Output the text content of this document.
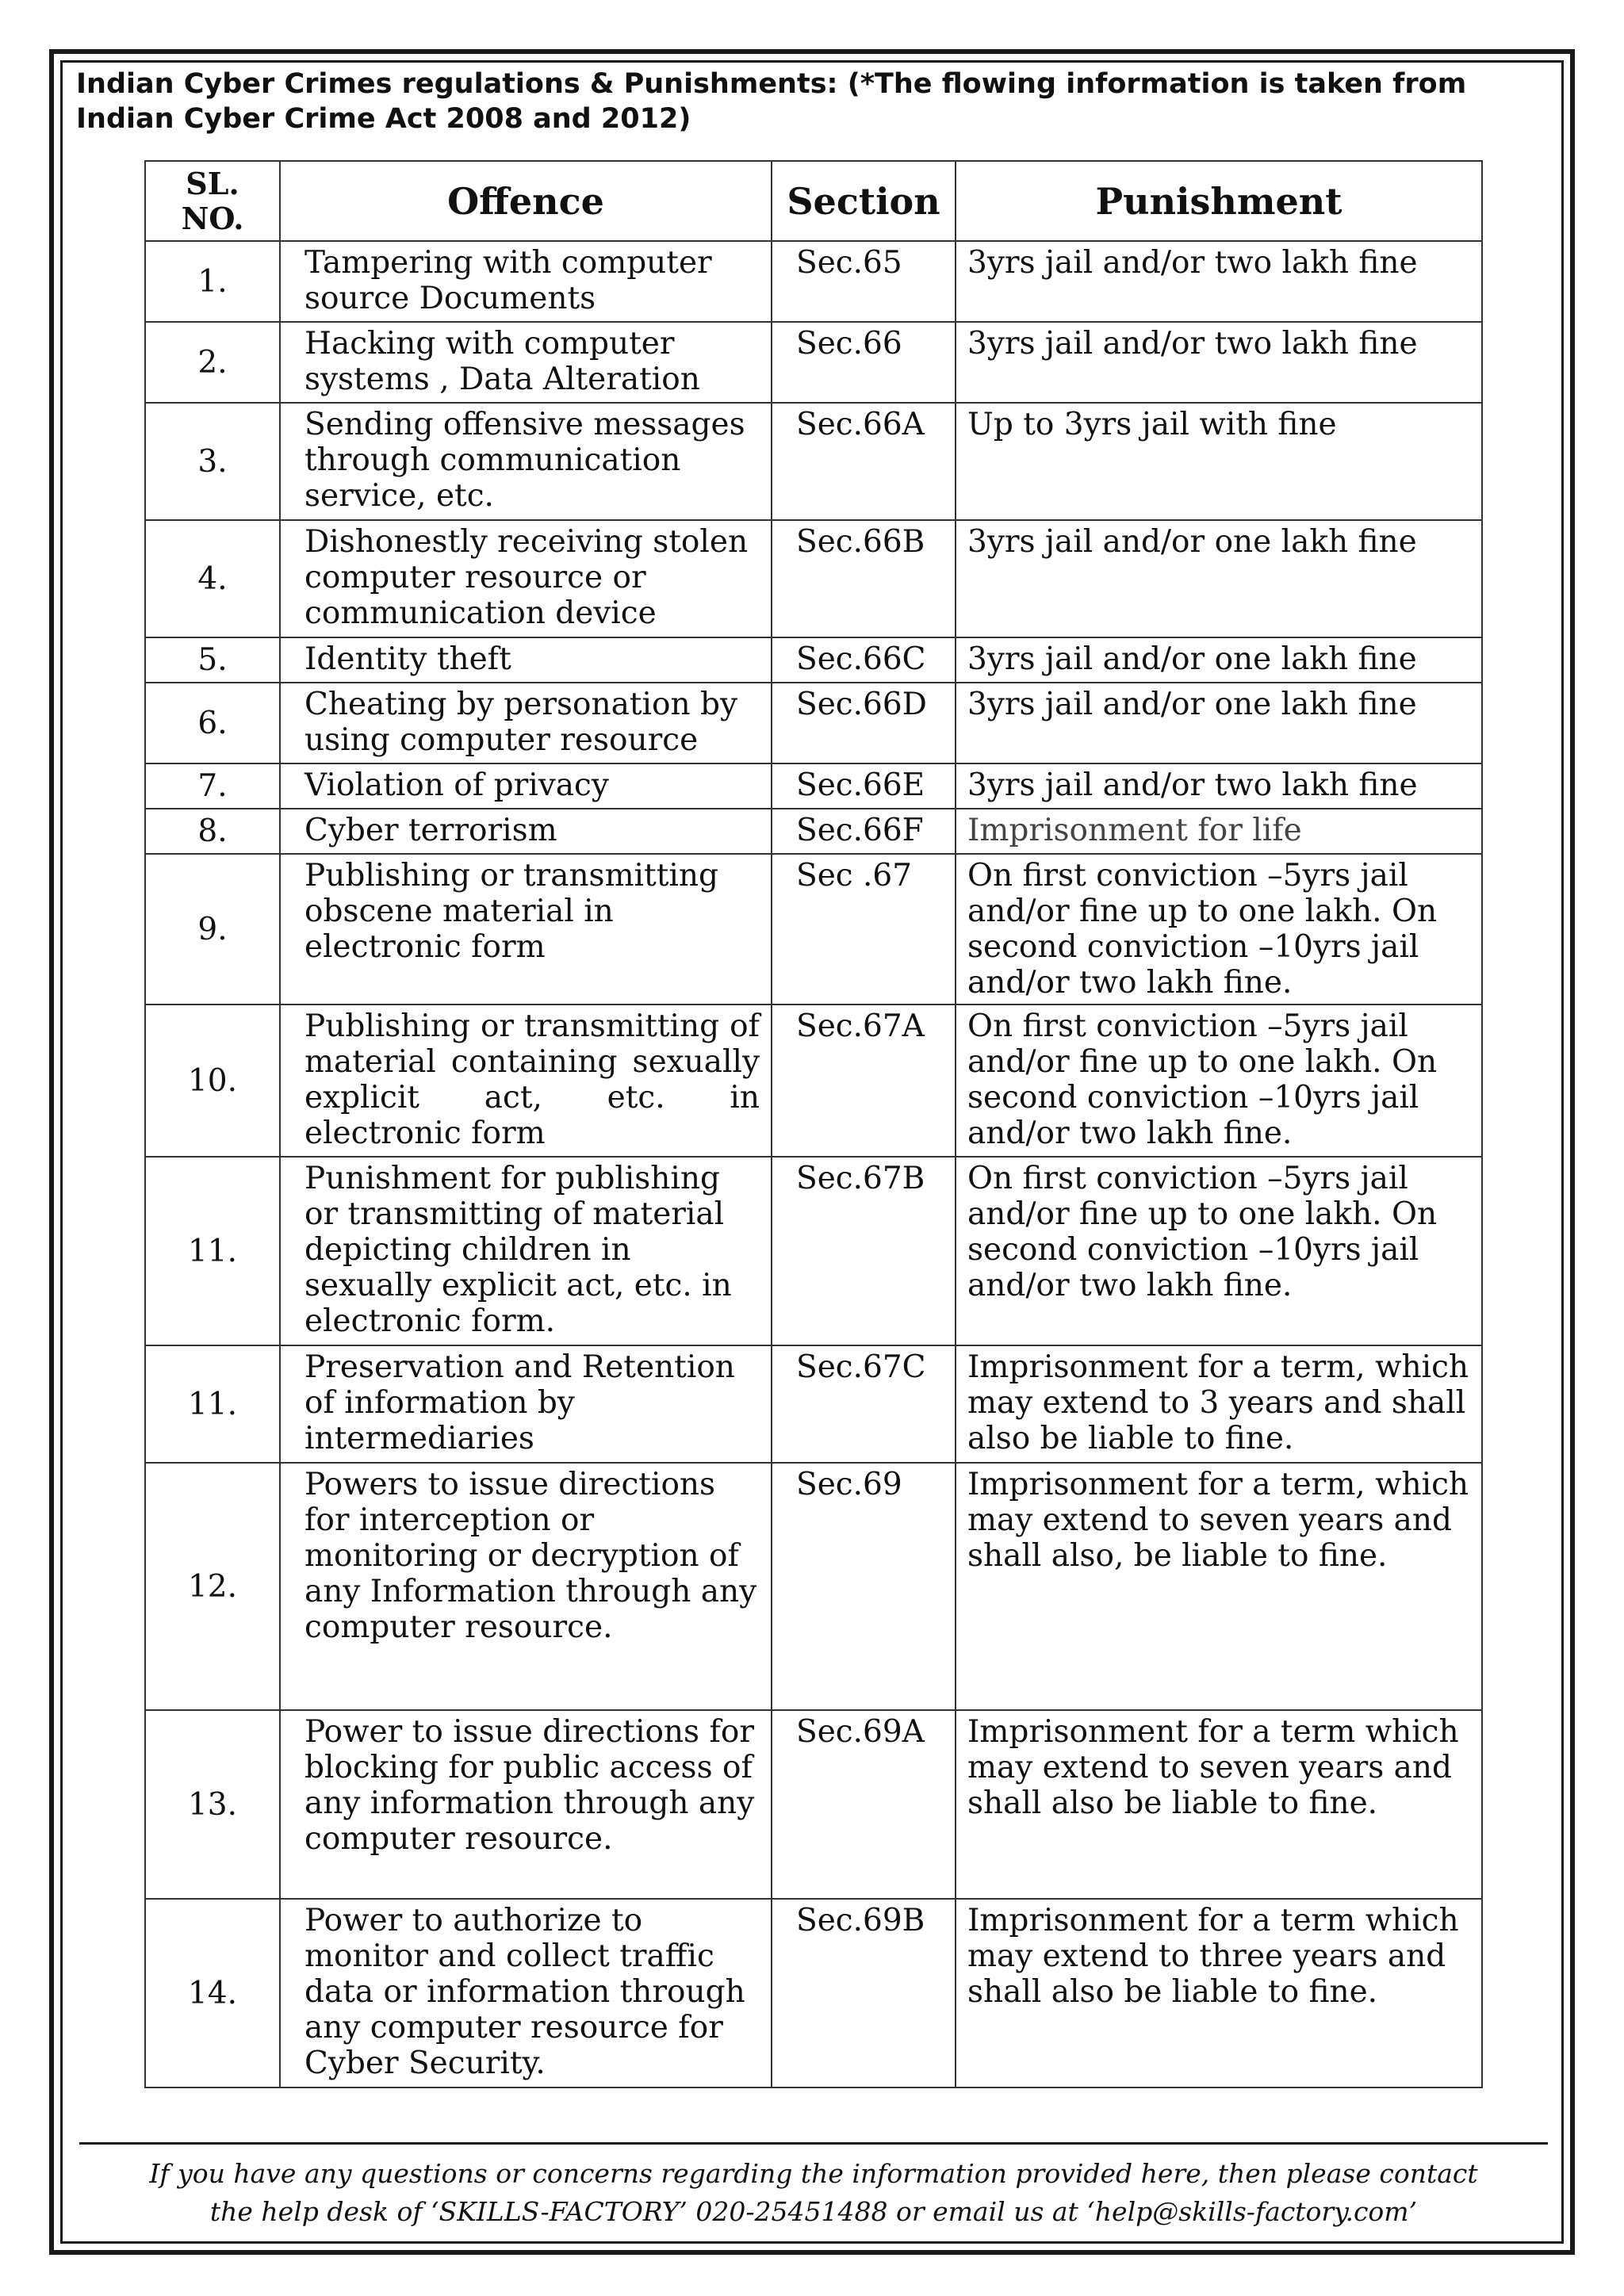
Indian Cyber Crimes regulations & Punishments: (*The flowing information is taken from Indian Cyber Crime Act 2008 and 2012)
SL. NO.	Offence	Section	Punishment
1.	Tampering with computer source Documents	Sec.65	3yrs jail and/or two lakh fine
2.	Hacking with computer systems , Data Alteration	Sec.66	3yrs jail and/or two lakh fine
3.	Sending offensive messages through communication service, etc.	Sec.66A	Up to 3yrs jail with fine
4.	Dishonestly receiving stolen computer resource or communication device	Sec.66B	3yrs jail and/or one lakh fine
5.	Identity theft	Sec.66C	3yrs jail and/or one lakh fine
6.	Cheating by personation by using computer resource	Sec.66D	3yrs jail and/or one lakh fine
7.	Violation of privacy	Sec.66E	3yrs jail and/or two lakh fine
8.	Cyber terrorism	Sec.66F	Imprisonment for life
9.	Publishing or transmitting obscene material in electronic form	Sec .67	On first conviction –5yrs jail and/or fine up to one lakh. On second conviction –10yrs jail and/or two lakh fine.
10.	Publishing or transmitting of material containing sexually explicit act, etc. in electronic form	Sec.67A	On first conviction –5yrs jail and/or fine up to one lakh. On second conviction –10yrs jail and/or two lakh fine.
11.	Punishment for publishing or transmitting of material depicting children in sexually explicit act, etc. in electronic form.	Sec.67B	On first conviction –5yrs jail and/or fine up to one lakh. On second conviction –10yrs jail and/or two lakh fine.
11.	Preservation and Retention of information by intermediaries	Sec.67C	Imprisonment for a term, which may extend to 3 years and shall also be liable to fine.
12.	Powers to issue directions for interception or monitoring or decryption of any Information through any computer resource.	Sec.69	Imprisonment for a term, which may extend to seven years and shall also, be liable to fine.
13.	Power to issue directions for blocking for public access of any information through any computer resource.	Sec.69A	Imprisonment for a term which may extend to seven years and shall also be liable to fine.
14.	Power to authorize to monitor and collect traffic data or information through any computer resource for Cyber Security.	Sec.69B	Imprisonment for a term which may extend to three years and shall also be liable to fine.
If you have any questions or concerns regarding the information provided here, then please contact
the help desk of ‘SKILLS-FACTORY’ 020-25451488 or email us at ‘help@skills-factory.com’
